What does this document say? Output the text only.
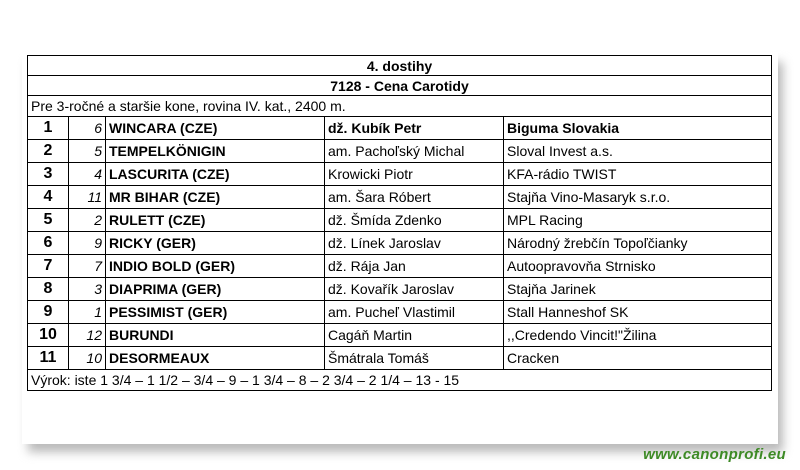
4. dostihy				
7128 - Cena Carotidy				
Pre 3-ročné a staršie kone, rovina IV. kat., 2400 m.				
1	6	WINCARA (CZE)	dž. Kubík Petr	Biguma Slovakia
2	5	TEMPELKÖNIGIN	am. Pachoľský Michal	Sloval Invest a.s.
3	4	LASCURITA (CZE)	Krowicki Piotr	KFA-rádio TWIST
4	11	MR BIHAR (CZE)	am. Šara Róbert	Stajňa Vino-Masaryk s.r.o.
5	2	RULETT (CZE)	dž. Šmída Zdenko	MPL Racing
6	9	RICKY (GER)	dž. Línek Jaroslav	Národný žrebčín Topoľčianky
7	7	INDIO BOLD (GER)	dž. Rája Jan	Autoopravovňa Strnisko
8	3	DIAPRIMA (GER)	dž. Kovařík Jaroslav	Stajňa Jarinek
9	1	PESSIMIST (GER)	am. Pucheľ Vlastimil	Stall Hanneshof SK
10	12	BURUNDI	Cagáň Martin	,,Credendo Vincit!"Žilina
11	10	DESORMEAUX	Šmátrala Tomáš	Cracken
Výrok: iste 1 3/4 – 1 1/2 – 3/4 – 9 – 1 3/4 – 8 – 2 3/4 – 2 1/4 – 13 - 15				
www.canonprofi.eu
